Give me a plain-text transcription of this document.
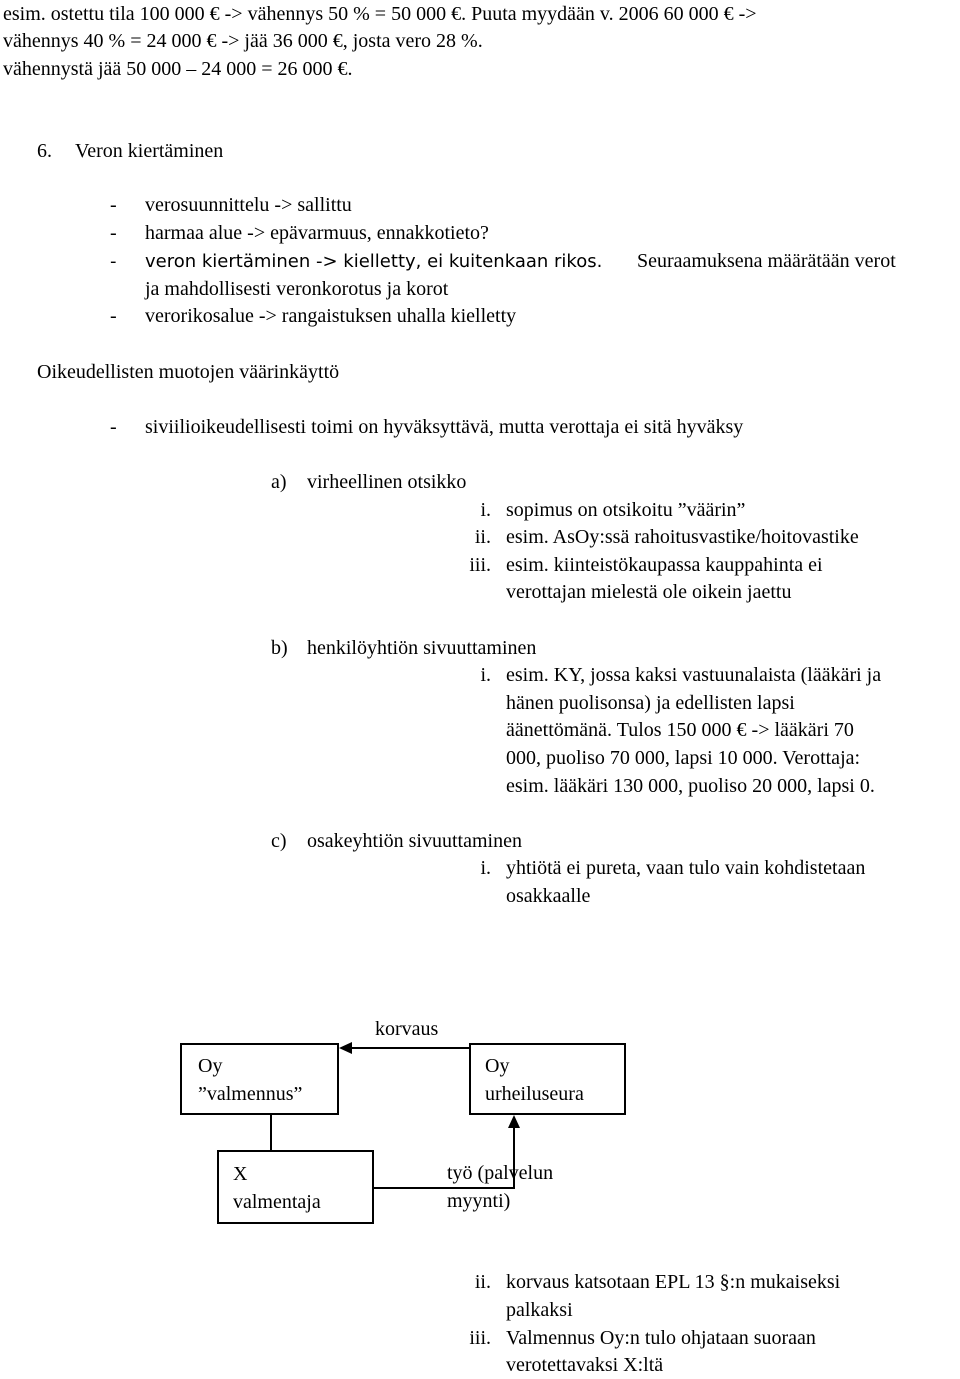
esim. ostettu tila 100 000 € -> vähennys 50 % = 50 000 €. Puuta myydään v. 2006 60 000 € ->
vähennys 40 % = 24 000 € -> jää 36 000 €, josta vero 28 %.
vähennystä jää 50 000 – 24 000 = 26 000 €.
6. Veron kiertäminen
- verosuunnittelu -> sallittu
- harmaa alue -> epävarmuus, ennakkotieto?
- veron kiertäminen -> kielletty, ei kuitenkaan rikos. Seuraamuksena määrätään verot
ja mahdollisesti veronkorotus ja korot
- verorikosalue -> rangaistuksen uhalla kielletty
Oikeudellisten muotojen väärinkäyttö
- siviilioikeudellisesti toimi on hyväksyttävä, mutta verottaja ei sitä hyväksy
a) virheellinen otsikko
i. sopimus on otsikoitu ”väärin”
ii. esim. AsOy:ssä rahoitusvastike/hoitovastike
iii. esim. kiinteistökaupassa kauppahinta ei
verottajan mielestä ole oikein jaettu
b) henkilöyhtiön sivuuttaminen
i. esim. KY, jossa kaksi vastuunalaista (lääkäri ja
hänen puolisonsa) ja edellisten lapsi
äänettömänä. Tulos 150 000 € -> lääkäri 70
000, puoliso 70 000, lapsi 10 000. Verottaja:
esim. lääkäri 130 000, puoliso 20 000, lapsi 0.
c) osakeyhtiön sivuuttaminen
i. yhtiötä ei pureta, vaan tulo vain kohdistetaan
osakkaalle
Oy
”valmennus”
Oy
urheiluseura
X
valmentaja
korvaus
työ (palvelun
myynti)
ii. korvaus katsotaan EPL 13 §:n mukaiseksi
palkaksi
iii. Valmennus Oy:n tulo ohjataan suoraan
verotettavaksi X:ltä
